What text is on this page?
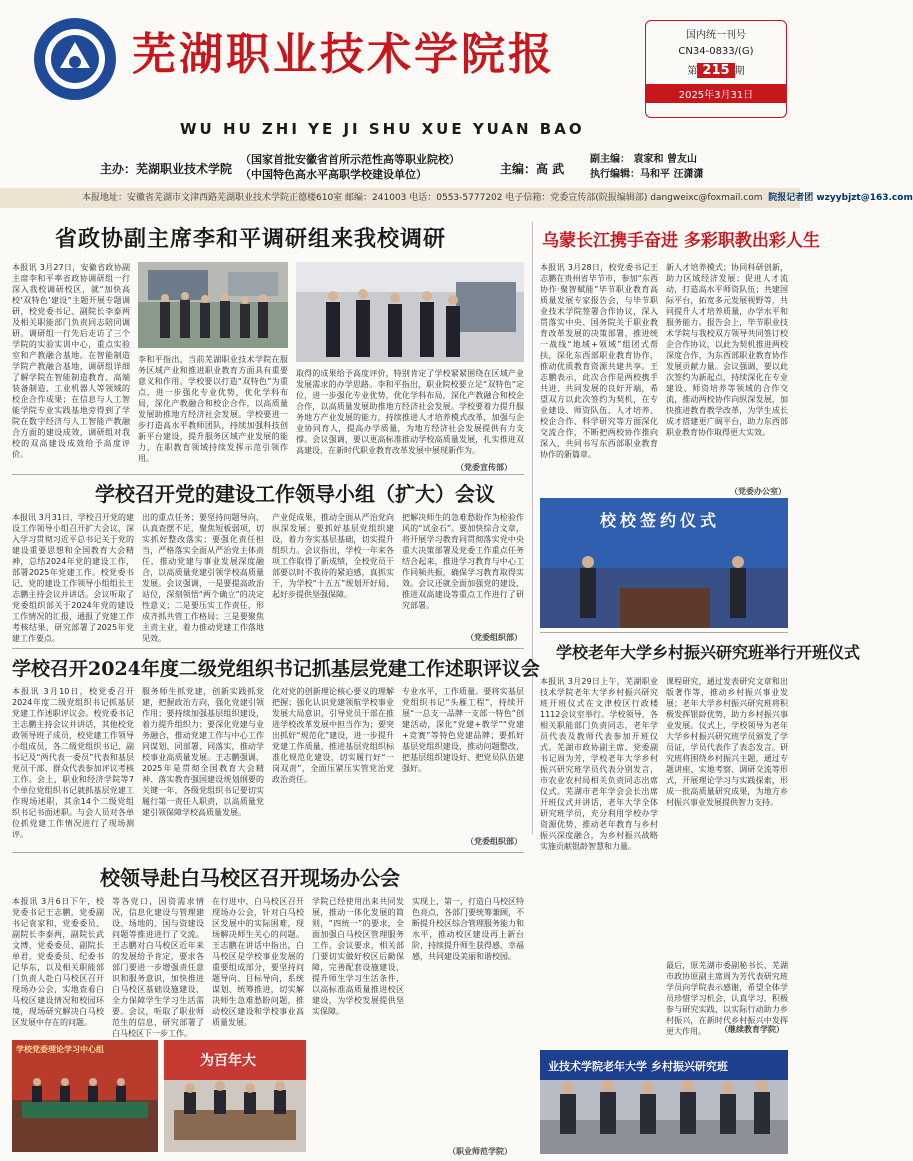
芜湖职业技术学院报
WU HU ZHI YE JI SHU XUE YUAN BAO
国内统一刊号
CN34-0833/(G)
第 215 期
2025年3月31日
主办：芜湖职业技术学院
（国家首批安徽省首所示范性高等职业院校）
（中国特色高水平高职学校建设单位）	主编：高 武
副主编： 袁家和 曾友山
执行编辑：马和平 汪潇潇
本报地址：安徽省芜湖市文津西路芜湖职业技术学院正德楼610室 邮编：241003 电话：0553-5777202 电子信箱：党委宣传部(院报编辑部) dangweixc@foxmail.com 院报记者团 wzyybjzt@163.com
省政协副主席李和平调研组来我校调研
本报讯 3月27日，安徽省政协副主席李和平率省政协调研组一行深入我校调研校区，就“加快高校‘双特色’建设”主题开展专题调研，校党委书记、副院长李泰两及相关职能部门负责同志陪同调研。调研组一行先后走访了三个学院的实验实训中心，重点实验室和产教融合基地。在智能制造学院产教融合基地，调研组详细了解学院在智能制造教育、高端装备制造、工业机器人等领域的校企合作成果；在信息与人工智能学院专业实践基地旁得到了学院在数字经济与人工智能产教融合方面的建设成效，调研组对我校的双高建设成效给予高度评价。
李和平指出，当前芜湖职业技术学院在服务区域产业和推进职业教育方面具有重要意义和作用。学校要以打造“双特色”为重点，进一步强化专业优势，优化学科布局，深化产教融合和校企合作，以高质量发展助推地方经济社会发展。学校要进一步打造高水平教师团队，持续加强科技创新平台建设，提升服务区域产业发展的能力，在职教育领域持续发挥示范引领作用。
取得的成果给予高度评价，特别肯定了学校紧紧围绕在区域产业发展需求的办学思路。李和平指出，职业院校要立足“双特色”定位，进一步强化专业优势，优化学科布局，深化产教融合和校企合作，以高质量发展助推地方经济社会发展。学校要着力提升服务地方产业发展的能力，持续推进人才培养模式改革，加强与企业协同育人，提高办学质量，为地方经济社会发展提供有力支撑。会议强调，要以更高标准推动学校高质量发展，扎实推进双高建设，在新时代职业教育改革发展中展现新作为。
（党委宣传部）
乌蒙长江携手奋进 多彩职教出彩人生
本报讯 3月28日，校党委书记王志鹏在贵州省毕节市，参加“东西协作·聚智赋能”毕节职业教育高质量发展专家报告会，与毕节职业技术学院签署合作协议，深入贯落实中央、国务院关于职业教育改革发展的决策部署，推进统一战线“地域+领域”组团式帮扶，深化东西部职业教育协作，推动优质教育资源共建共享。王志鹏表示，此次合作是两校携手共进、共同发展的良好开端，希望双方以此次签约为契机，在专业建设、师资队伍、人才培养、校企合作、科学研究等方面深化交流合作，不断把两校协作推向深入，共同书写东西部职业教育协作的新篇章。
新人才培养模式；协同科研创新，助力区域经济发展；促进人才流动，打造高水平师资队伍；共建国际平台，拓宽多元发展视野等，共同提升人才培养质量，办学水平和服务能力。报告会上，毕节职业技术学院与我校双方领导共同签订校企合作协议，以此为契机推进两校深度合作，为东西部职业教育协作发展贡献力量。会议强调，要以此次签约为新起点，持续深化在专业建设、师资培养等领域的合作交流，推动两校协作向纵深发展，加快推进教育教学改革，为学生成长成才搭建更广阔平台，助力东西部职业教育协作取得更大实效。
（党委办公室）
校校签约仪式
学校召开党的建设工作领导小组（扩大）会议
本报讯 3月31日，学校召开党的建设工作领导小组召开扩大会议，深入学习贯彻习近平总书记关于党的建设重要思想和全国教育大会精神，总结2024年党的建设工作，部署2025年党建工作。校党委书记、党的建设工作领导小组组长王志鹏主持会议并讲话。会议听取了党委组织部关于2024年党的建设工作情况的汇报，通报了党建工作考核结果，研究部署了2025年党建工作要点。
出的重点任务；要坚持问题导向，认真查摆不足，聚焦短板弱项，切实抓好整改落实；要强化责任担当，严格落实全面从严治党主体责任，推动党建与事业发展深度融合，以高质量党建引领学校高质量发展。会议强调，一是要提高政治站位，深刻领悟“两个确立”的决定性意义；二是要压实工作责任，形成齐抓共管工作格局；三是要聚焦主责主业，着力推动党建工作落地见效。
产业促成果，推动全面从严治党向纵深发展；要抓好基层党组织建设，着力夯实基层基础，切实提升组织力。会议指出，学校一年来各项工作取得了新成绩，全校党员干部要以时不我待的紧迫感，真抓实干，为学校“十五五”规划开好局、起好步提供坚强保障。
把解决师生的急难愁盼作为检验作风的“试金石”。要加快综合文章，将开展学习教育同贯彻落实党中央重大决策部署及党委工作重点任务结合起来，推进学习教育与中心工作同频共振，确保学习教育取得实效。会议还就全面加强党的建设、推进双高建设等重点工作进行了研究部署。
（党委组织部）
学校召开2024年度二级党组织书记抓基层党建工作述职评议会
本报讯 3月10日，校党委召开2024年度二级党组织书记抓基层党建工作述职评议会。校党委书记王志鹏主持会议并讲话，其他校党政领导班子成员，校党建工作领导小组成员，各二级党组织书记、副书记及“两代表一委员”代表和基层党员干部、群众代表参加评议考核工作。会上，职业和经济学院等7个单位党组织书记就抓基层党建工作现场述职，其余14个二级党组织书记书面述职。与会人员对各单位抓党建工作情况进行了现场测评。
服务师生抓党建，创新实践抓党建，把握政治方向，强化党建引领作用；要持续加强基层组织建设，着力提升组织力；要深化党建与业务融合，推动党建工作与中心工作同谋划、同部署、同落实，推动学校事业高质量发展。王志鹏强调，2025年是贯彻全国教育大会精神、落实教育强国建设规划纲要的关键一年，各级党组织书记要切实履行第一责任人职责，以高质量党建引领保障学校高质量发展。
化对党的创新理论核心要义的理解把握；强化认识党建领航学校事业发展大局意识，引导党员干部在推进学校改革发展中担当作为；要突出抓好“规范化”建设，进一步提升党建工作质量，推进基层党组织标准化规范化建设，切实履行好“一岗双责”，全面压紧压实管党治党政治责任。
专业水平，工作质量。要将实基层党组织书记“头雁工程”，持续开展“一总支一品牌一支部一特色”创建活动，深化“党建+教学”“党建+竞赛”等特色党建品牌；要抓好基层党组织建设，推动问题整改，把基层组织建设好、把党员队伍建强好。
（党委组织部）
校领导赴白马校区召开现场办公会
本报讯 3月6日下午，校党委书记王志鹏，党委副书记袁家和，党委委员、副院长李泰两，副院长武文博，党委委员、副院长单君，党委委员、纪委书记华东，以及相关职能部门负责人赴白马校区召开现场办公会，实地查看白马校区建设情况和校园环境，现场研究解决白马校区发展中存在的问题。
等各党口，因资需求情况，信息化建设与管理建设、场地的、国与资建设问题等推进进行了交流。王志鹏对白马校区近年来的发展给予肯定，要求各部门要进一步增强责任意识和服务意识，加快推进白马校区基础设施建设，全力保障学生学习生活需要。会议，听取了职业师范生的信息，研究部署了白马校区下一步工作。
在行进中，白马校区召开现场办公会，针对白马校区发展中的实际困难，现场解决师生关心的问题。王志鹏在讲话中指出，白马校区是学校事业发展的重要组成部分，要坚持问题导向、目标导向，系统谋划、统筹推进，切实解决师生急难愁盼问题，推动校区建设和学校事业高质量发展。
学院已经使用出来共同发展，推动一体化发展的简则，“四统一”的要求，全面加强白马校区管理服务工作。会议要求，相关部门要切实做好校区后勤保障，完善配套设施建设，提升师生学习生活条件，以高标准高质量推进校区建设，为学校发展提供坚实保障。
实现上，第一，打造白马校区特色亮点，各部门要统筹兼顾，不断提升校区综合管理服务能力和水平，推动校区建设再上新台阶，持续提升师生获得感、幸福感，共同建设美丽和谐校园。
（职业师范学院）
学校党委理论学习中心组
为百年大
学校老年大学乡村振兴研究班举行开班仪式
本报讯 3月29日上午，芜湖职业技术学院老年大学乡村振兴研究班开班仪式在文津校区行政楼1112会议室举行。学校领导，各相关职能部门负责同志，老年学员代表及教师代表参加开班仪式。芜湖市政协副主席、党委副书记周为芳，学校老年大学乡村振兴研究班学员代表分别发言，市农业农村局相关负责同志出席仪式。芜湖市老年学会会长出席开班仪式并讲话，老年大学全体研究班学员，充分利用学校办学资源优势，推动老年教育与乡村振兴深度融合，为乡村振兴战略实施贡献银龄智慧和力量。
课程研究，通过发表研究文章和出版著作等，推动乡村振兴事业发展；老年大学乡村振兴研究班将积极发挥银龄优势，助力乡村振兴事业发展。仪式上，学校领导为老年大学乡村振兴研究班学员颁发了学员证，学员代表作了表态发言。研究班将围绕乡村振兴主题，通过专题讲座、实地考察、调研交流等形式，开展理论学习与实践探索，形成一批高质量研究成果，为地方乡村振兴事业发展提供智力支持。
最后，原芜湖市委副秘书长、芜湖市政协原副主席周为芳代表研究班学员向学院表示感谢，希望全体学员珍惜学习机会，认真学习，积极参与研究实践，以实际行动助力乡村振兴，在新时代乡村振兴中发挥更大作用。	（继续教育学院）
业技术学院老年大学 乡村振兴研究班
